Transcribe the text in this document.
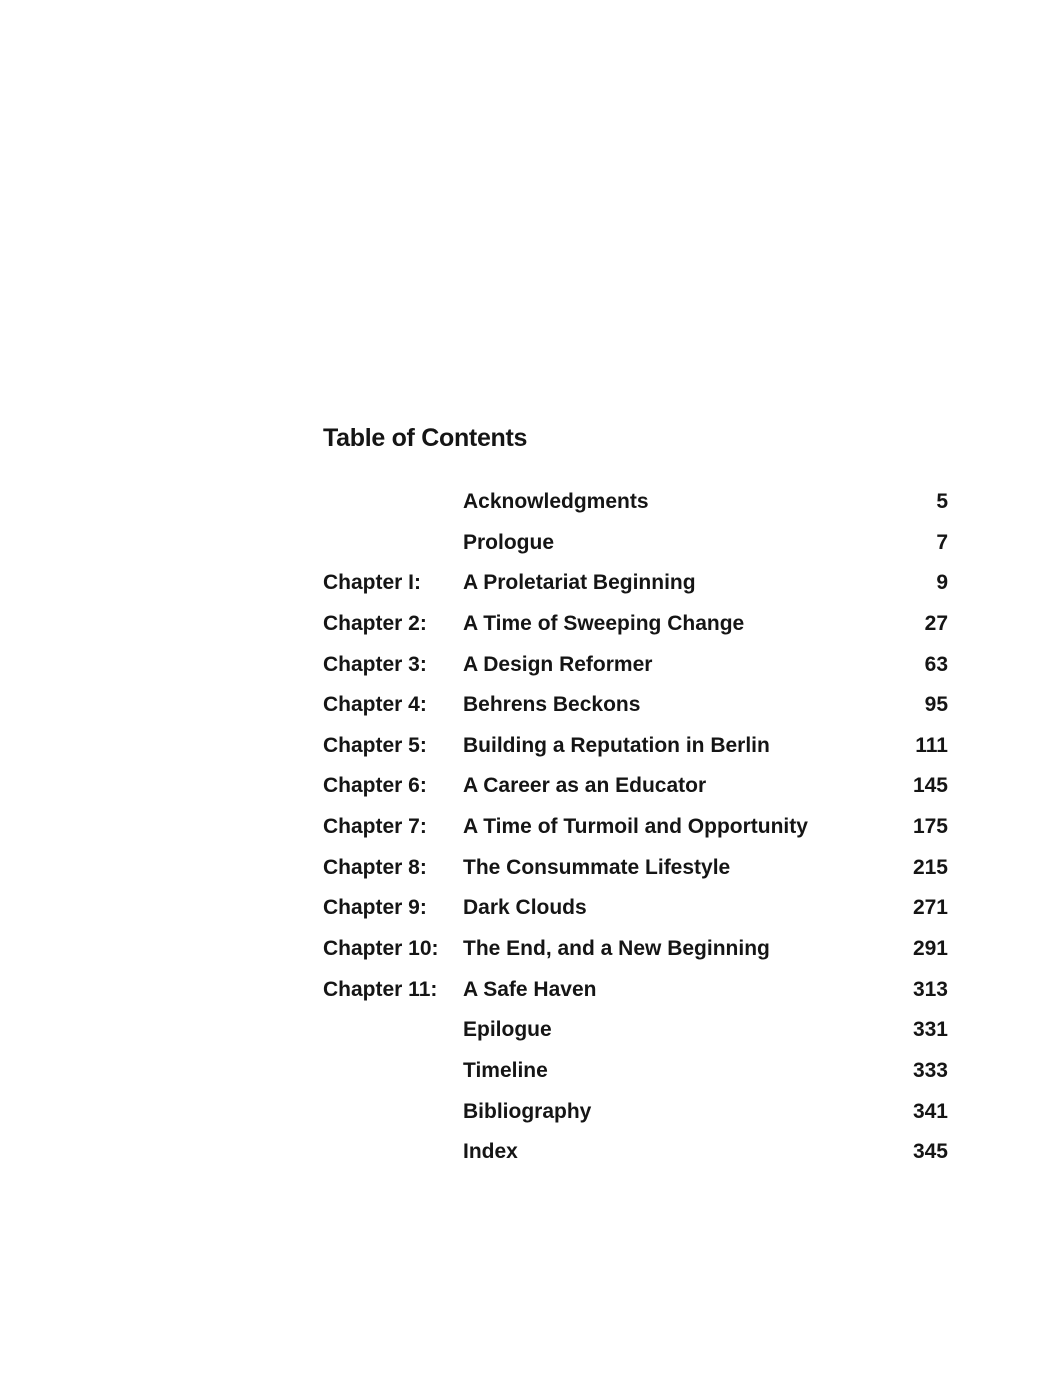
Table of Contents
Acknowledgments	5
Prologue	7
Chapter I: A Proletariat Beginning	9
Chapter 2: A Time of Sweeping Change	27
Chapter 3: A Design Reformer	63
Chapter 4: Behrens Beckons	95
Chapter 5: Building a Reputation in Berlin	111
Chapter 6: A Career as an Educator	145
Chapter 7: A Time of Turmoil and Opportunity	175
Chapter 8: The Consummate Lifestyle	215
Chapter 9: Dark Clouds	271
Chapter 10: The End, and a New Beginning	291
Chapter 11: A Safe Haven	313
Epilogue	331
Timeline	333
Bibliography	341
Index	345
